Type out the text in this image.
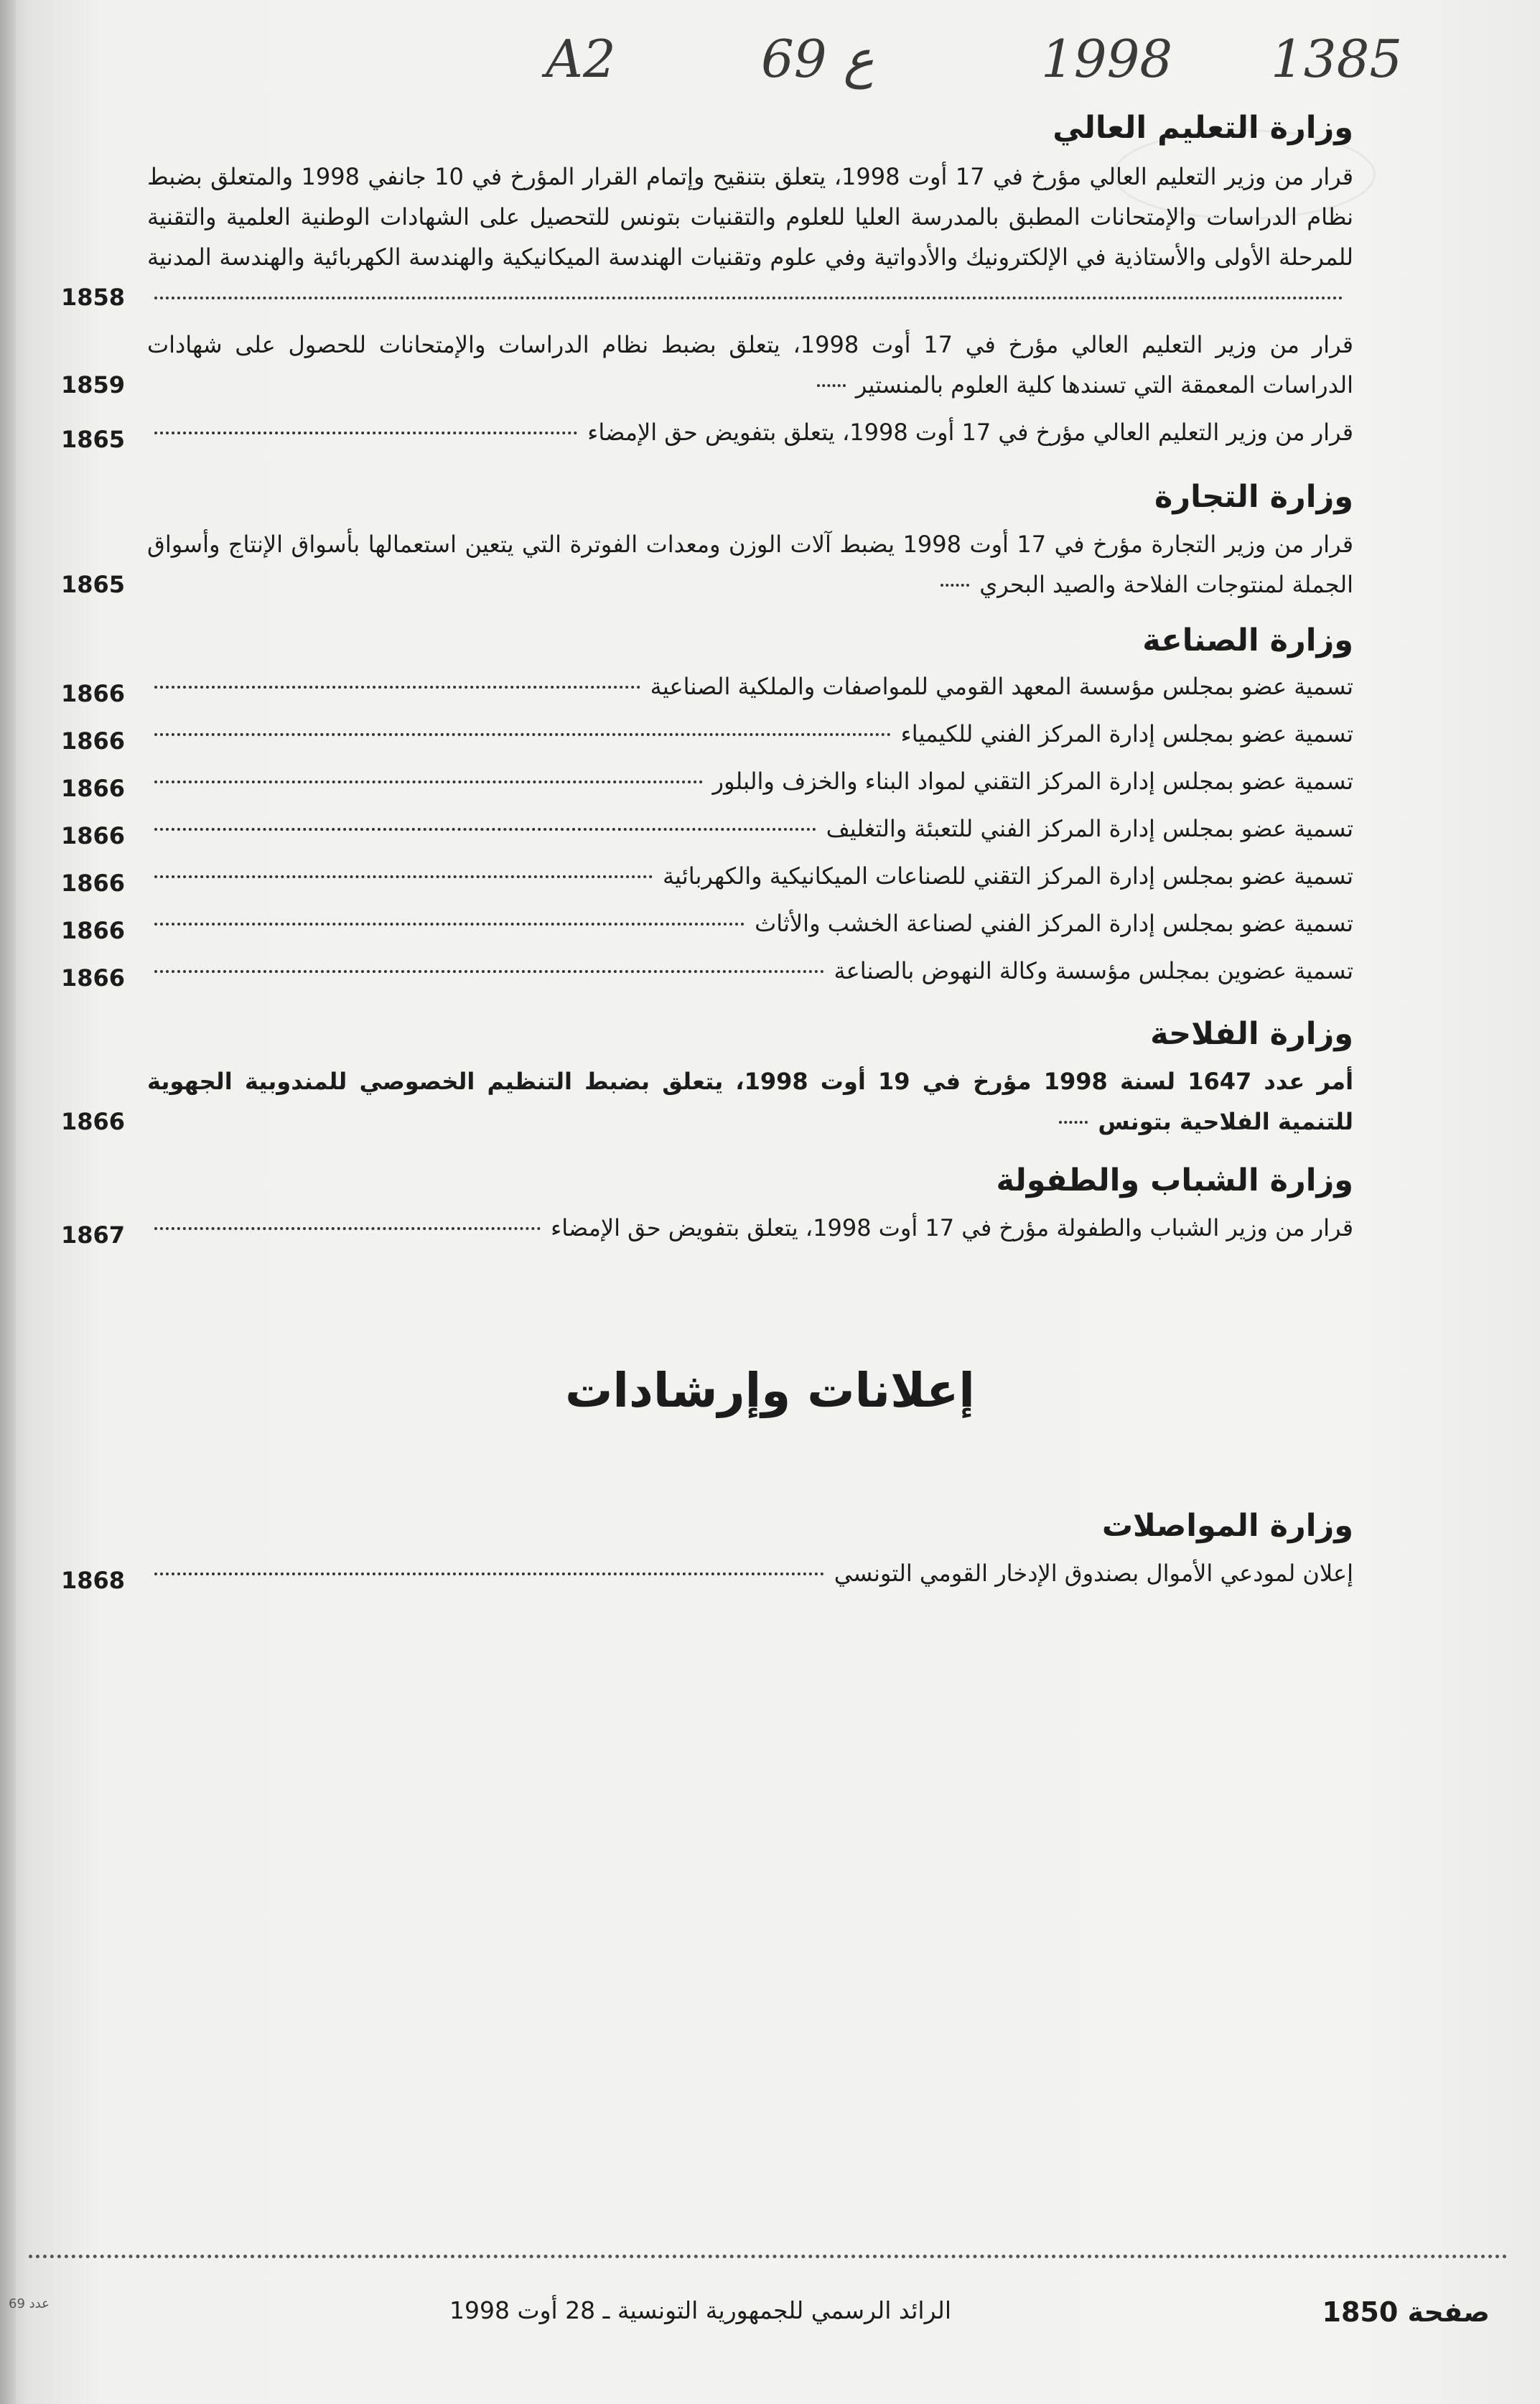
A2	69 ع	1998 1385
وزارة التعليم العالي
قرار من وزير التعليم العالي مؤرخ في 17 أوت 1998، يتعلق بتنقيح وإتمام القرار المؤرخ في 10 جانفي 1998 والمتعلق بضبط نظام الدراسات والإمتحانات المطبق بالمدرسة العليا للعلوم والتقنيات بتونس للتحصيل على الشهادات الوطنية العلمية والتقنية للمرحلة الأولى والأستاذية في الإلكترونيك والأدواتية وفي علوم وتقنيات الهندسة الميكانيكية والهندسة الكهربائية والهندسة المدنية
1858
قرار من وزير التعليم العالي مؤرخ في 17 أوت 1998، يتعلق بضبط نظام الدراسات والإمتحانات للحصول على شهادات الدراسات المعمقة التي تسندها كلية العلوم بالمنستير
1859
قرار من وزير التعليم العالي مؤرخ في 17 أوت 1998، يتعلق بتفويض حق الإمضاء
1865
وزارة التجارة
قرار من وزير التجارة مؤرخ في 17 أوت 1998 يضبط آلات الوزن ومعدات الفوترة التي يتعين استعمالها بأسواق الإنتاج وأسواق الجملة لمنتوجات الفلاحة والصيد البحري
1865
وزارة الصناعة
تسمية عضو بمجلس مؤسسة المعهد القومي للمواصفات والملكية الصناعية
1866
تسمية عضو بمجلس إدارة المركز الفني للكيمياء
1866
تسمية عضو بمجلس إدارة المركز التقني لمواد البناء والخزف والبلور
1866
تسمية عضو بمجلس إدارة المركز الفني للتعبئة والتغليف
1866
تسمية عضو بمجلس إدارة المركز التقني للصناعات الميكانيكية والكهربائية
1866
تسمية عضو بمجلس إدارة المركز الفني لصناعة الخشب والأثاث
1866
تسمية عضوين بمجلس مؤسسة وكالة النهوض بالصناعة
1866
وزارة الفلاحة
أمر عدد 1647 لسنة 1998 مؤرخ في 19 أوت 1998، يتعلق بضبط التنظيم الخصوصي للمندوبية الجهوية للتنمية الفلاحية بتونس
1866
وزارة الشباب والطفولة
قرار من وزير الشباب والطفولة مؤرخ في 17 أوت 1998، يتعلق بتفويض حق الإمضاء
1867
إعلانات وإرشادات
وزارة المواصلات
إعلان لمودعي الأموال بصندوق الإدخار القومي التونسي
1868
صفحة 1850
الرائد الرسمي للجمهورية التونسية ـ 28 أوت 1998
عدد 69
